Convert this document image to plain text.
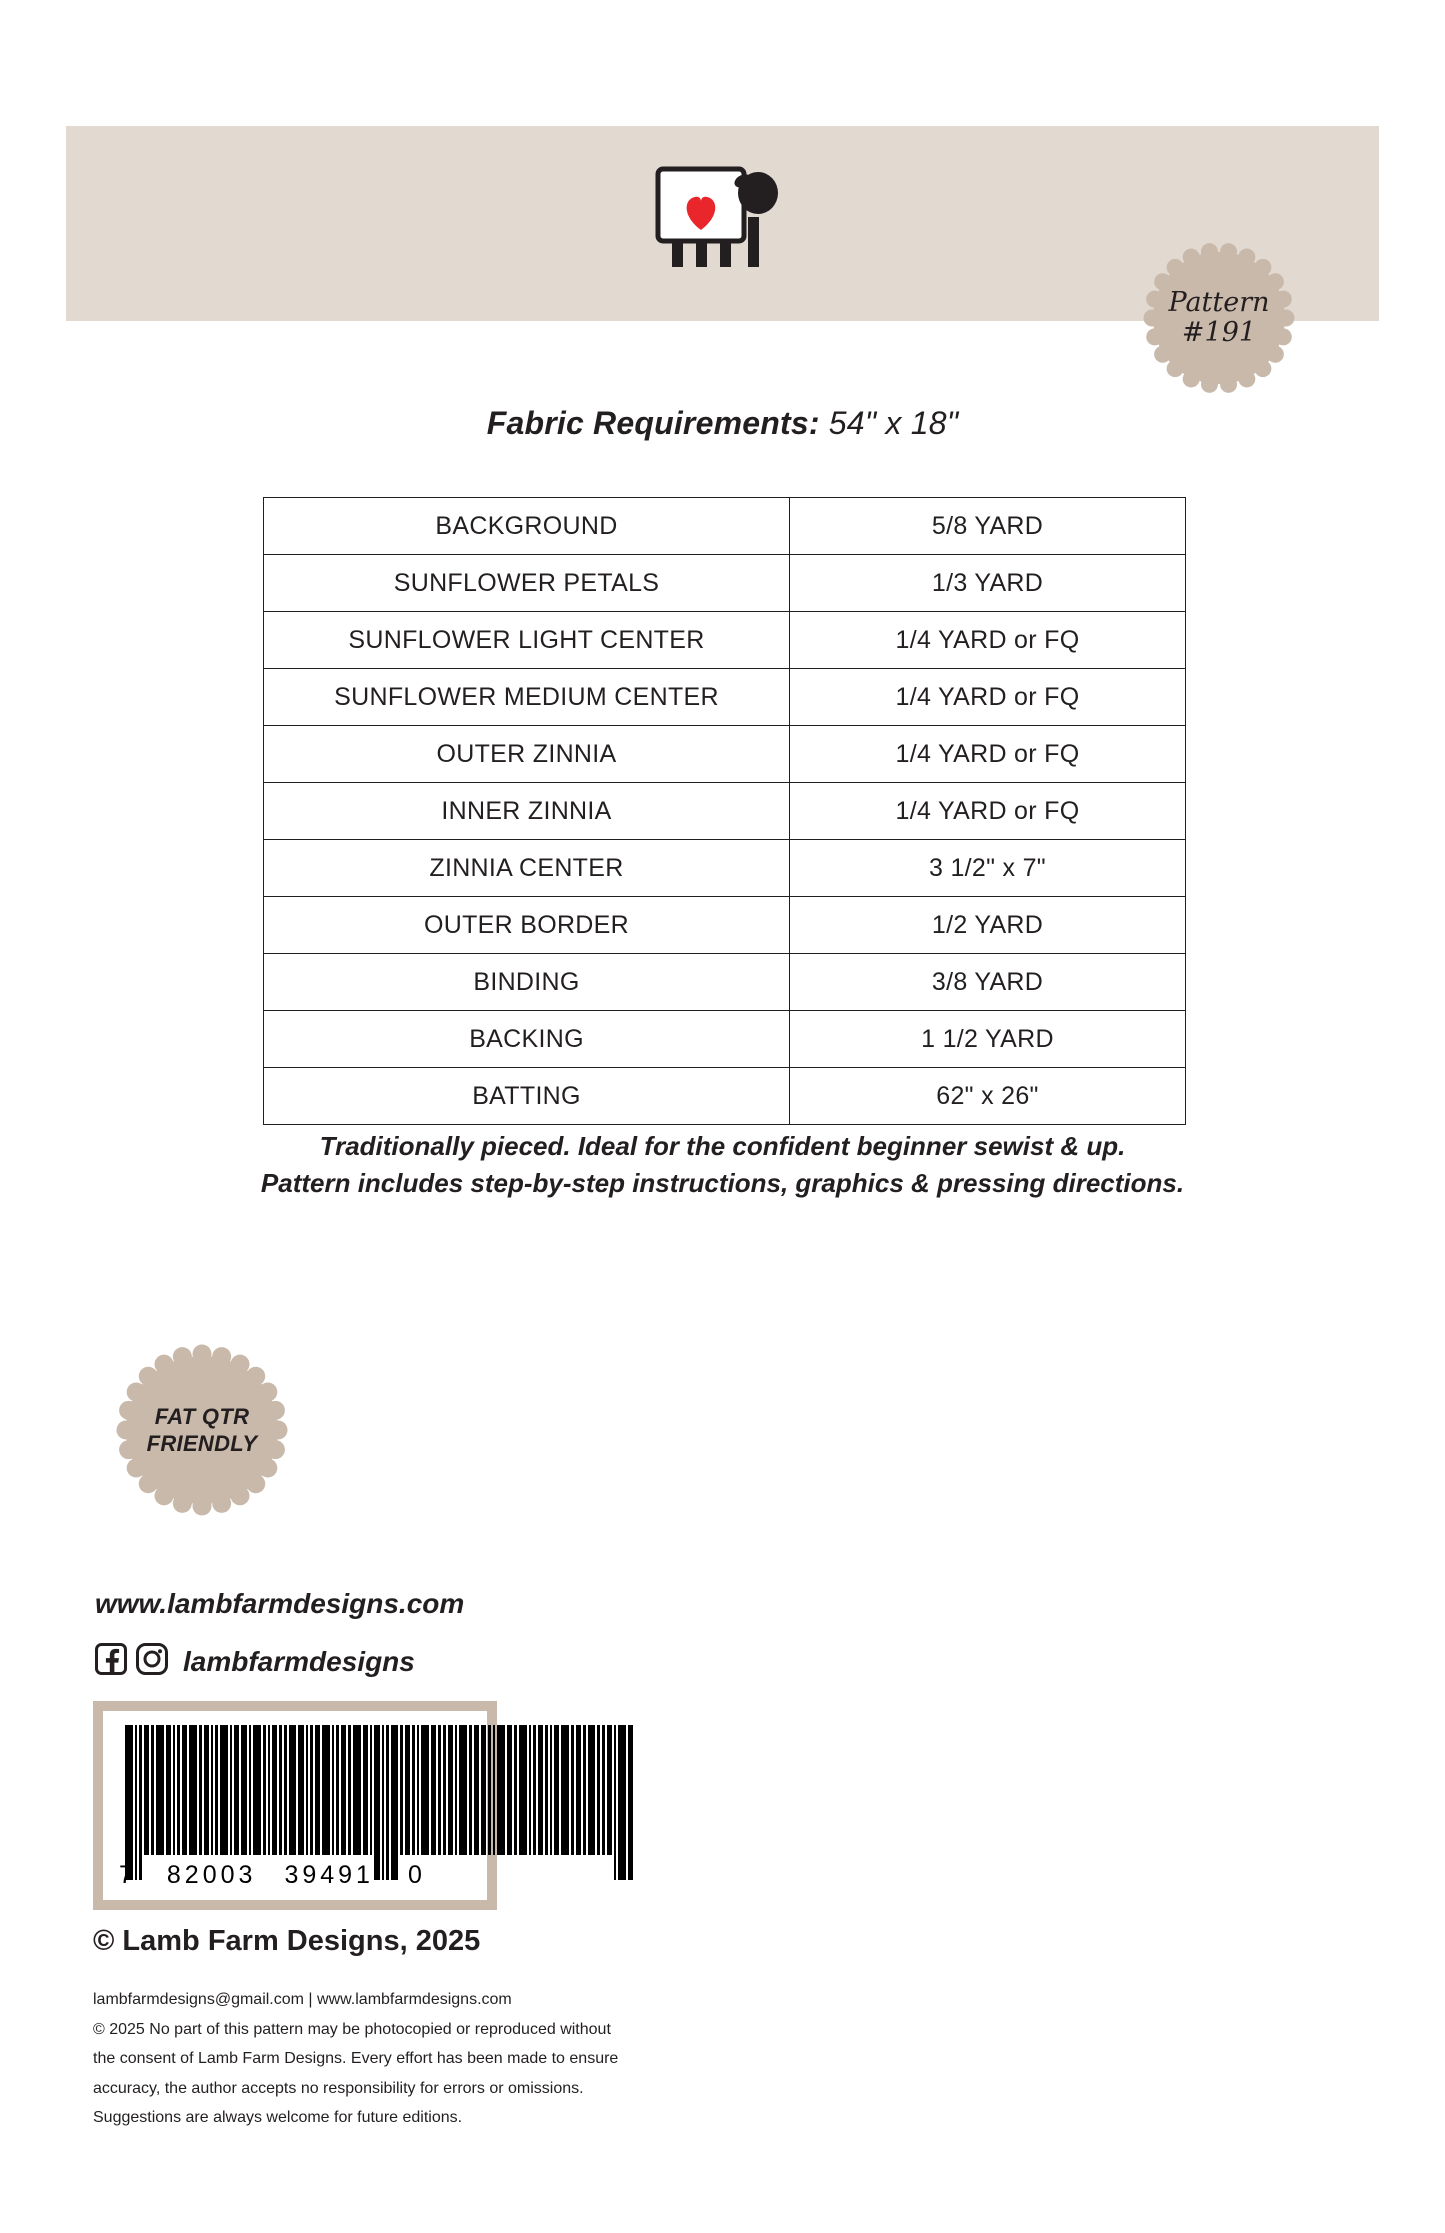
Pattern
#191
Fabric Requirements: 54" x 18"
BACKGROUND	5/8 YARD
SUNFLOWER PETALS	1/3 YARD
SUNFLOWER LIGHT CENTER	1/4 YARD or FQ
SUNFLOWER MEDIUM CENTER	1/4 YARD or FQ
OUTER ZINNIA	1/4 YARD or FQ
INNER ZINNIA	1/4 YARD or FQ
ZINNIA CENTER	3 1/2" x 7"
OUTER BORDER	1/2 YARD
BINDING	3/8 YARD
BACKING	1 1/2 YARD
BATTING	62" x 26"
Traditionally pieced. Ideal for the confident beginner sewist & up.
Pattern includes step-by-step instructions, graphics & pressing directions.
FAT QTR
FRIENDLY
www.lambfarmdesigns.com
lambfarmdesigns
7 82003 39491 0
© Lamb Farm Designs, 2025
lambfarmdesigns@gmail.com | www.lambfarmdesigns.com
© 2025 No part of this pattern may be photocopied or reproduced without
the consent of Lamb Farm Designs. Every effort has been made to ensure
accuracy, the author accepts no responsibility for errors or omissions.
Suggestions are always welcome for future editions.
